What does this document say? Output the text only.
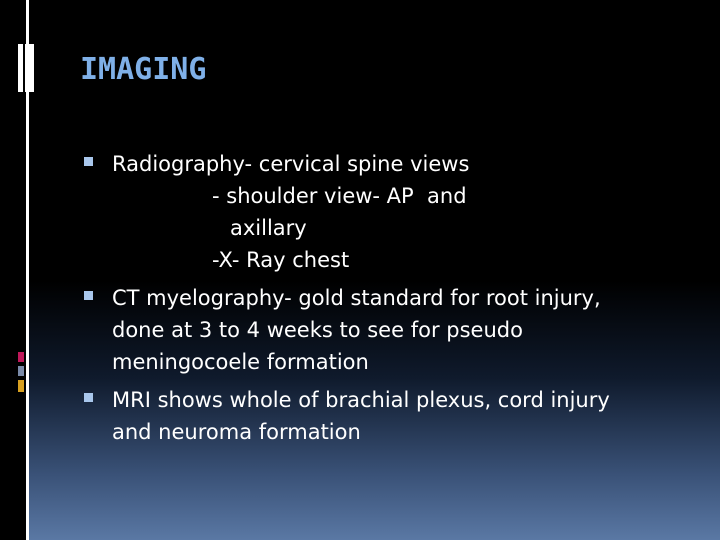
IMAGING
Radiography- cervical spine views
- shoulder view- AP  and
axillary
-X- Ray chest
CT myelography- gold standard for root injury,
done at 3 to 4 weeks to see for pseudo
meningocoele formation
MRI shows whole of brachial plexus, cord injury
and neuroma formation
